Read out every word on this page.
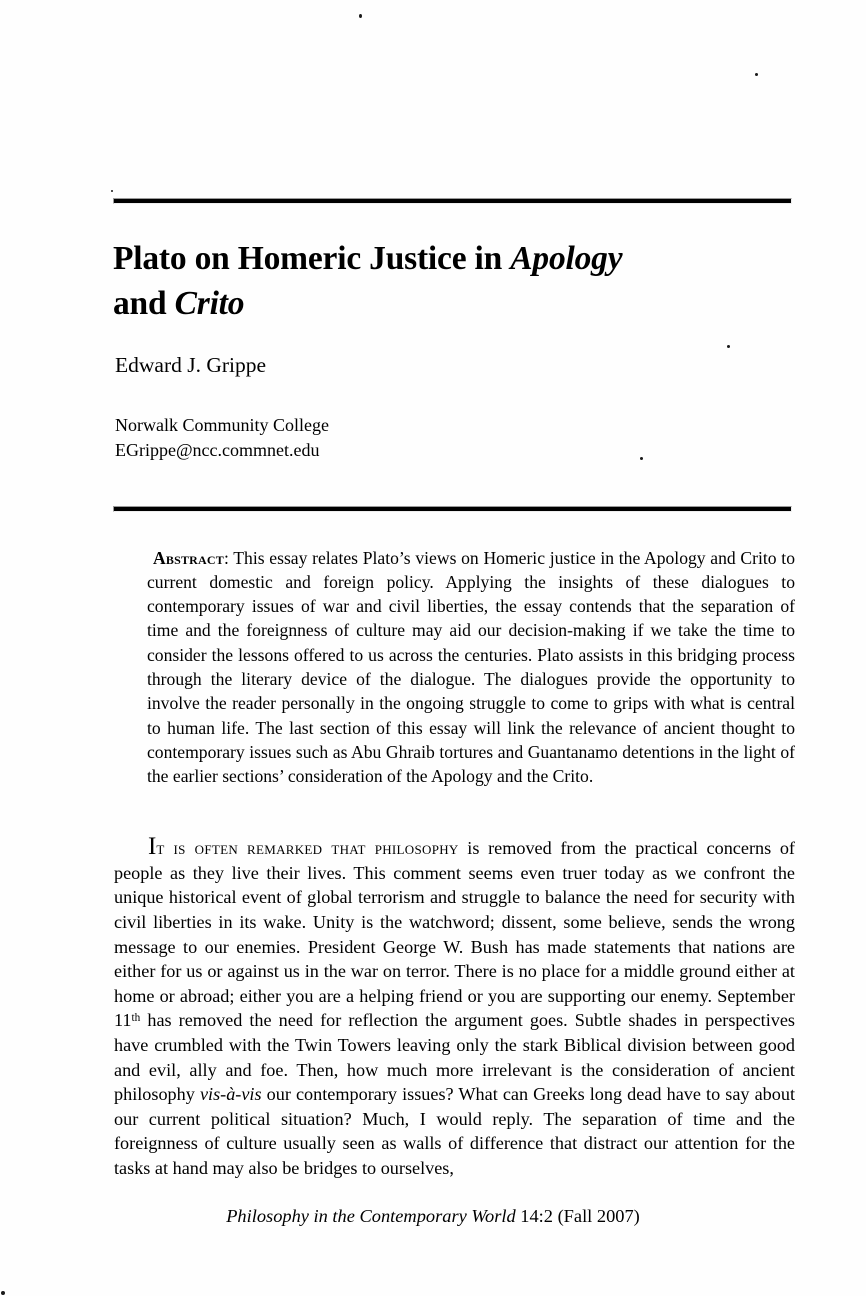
Plato on Homeric Justice in Apology
and Crito
Edward J. Grippe
Norwalk Community College
EGrippe@ncc.commnet.edu

Abstract: This essay relates Plato’s views on Homeric justice in the Apology and Crito to current domestic and foreign policy. Applying the insights of these dialogues to contemporary issues of war and civil liberties, the essay contends that the separation of time and the foreignness of culture may aid our decision-making if we take the time to consider the lessons offered to us across the centuries. Plato assists in this bridging process through the literary device of the dialogue. The dialogues provide the opportunity to involve the reader personally in the ongoing struggle to come to grips with what is central to human life. The last section of this essay will link the relevance of ancient thought to contemporary issues such as Abu Ghraib tortures and Guantanamo detentions in the light of the earlier sections’ consideration of the Apology and the Crito.

It is often remarked that philosophy is removed from the practical concerns of people as they live their lives. This comment seems even truer today as we confront the unique historical event of global terrorism and struggle to balance the need for security with civil liberties in its wake. Unity is the watchword; dissent, some believe, sends the wrong message to our enemies. President George W. Bush has made statements that nations are either for us or against us in the war on terror. There is no place for a middle ground either at home or abroad; either you are a helping friend or you are supporting our enemy. September 11th has removed the need for reflection the argument goes. Subtle shades in perspectives have crumbled with the Twin Towers leaving only the stark Biblical division between good and evil, ally and foe. Then, how much more irrelevant is the consideration of ancient philosophy vis-à-vis our contemporary issues? What can Greeks long dead have to say about our current political situation? Much, I would reply. The separation of time and the foreignness of culture usually seen as walls of difference that distract our attention for the tasks at hand may also be bridges to ourselves,

Philosophy in the Contemporary World 14:2 (Fall 2007)
